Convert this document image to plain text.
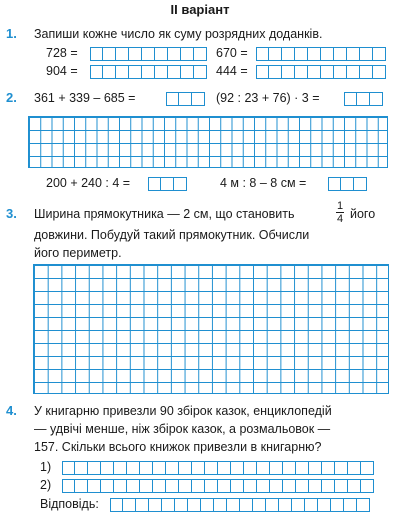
II варіант
1. Запиши кожне число як суму розрядних доданків.
728 =	670 =
904 =	444 =
2. 361 + 339 – 685 =	(92 : 23 + 76) · 3 =
200 + 240 : 4 =	4 м : 8 – 8 см =
3. Ширина прямокутника — 2 см, що становить
1
4 його
довжини. Побудуй такий прямокутник. Обчисли
його периметр.
4. У книгарню привезли 90 збірок казок, енциклопедій
— удвічі менше, ніж збірок казок, а розмальовок —
157. Скільки всього книжок привезли в книгарню?
1)
2)
Відповідь:
